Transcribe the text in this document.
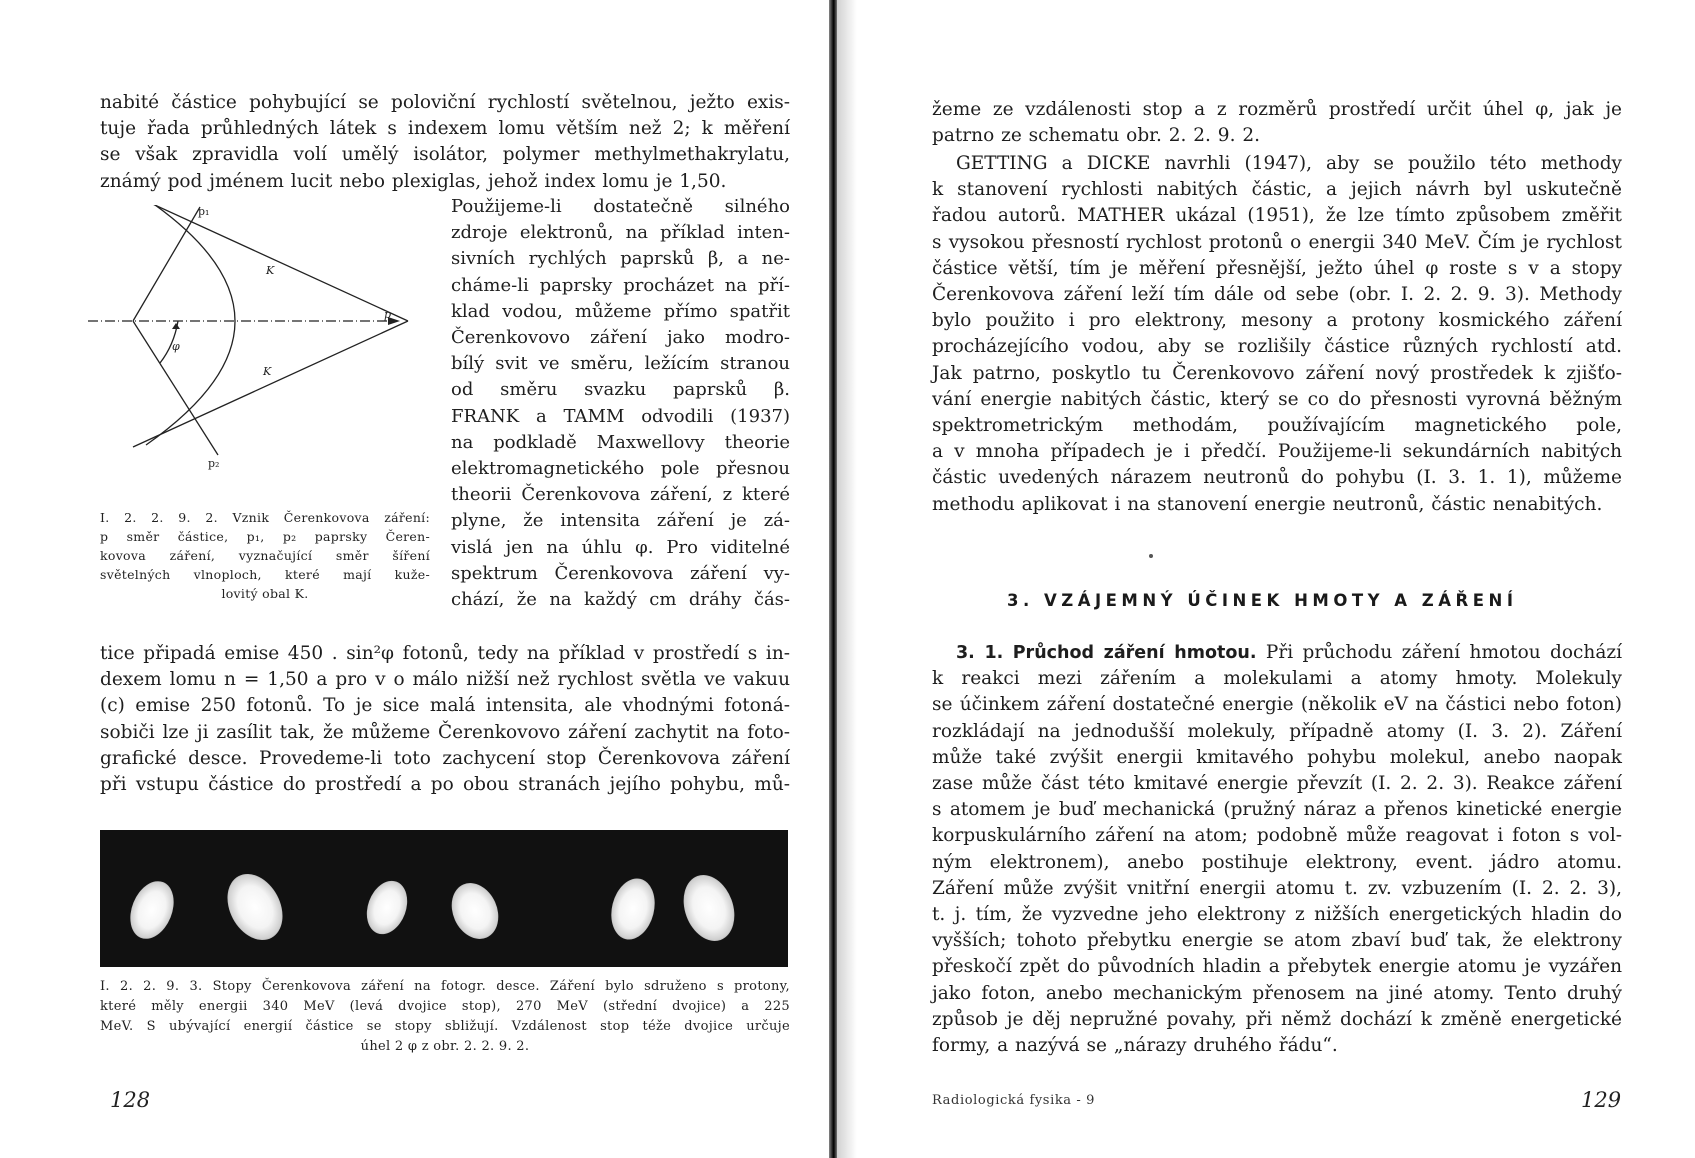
nabité částice pohybující se poloviční rychlostí světelnou, ježto exis-
tuje řada průhledných látek s indexem lomu větším než 2; k měření
se však zpravidla volí umělý isolátor, polymer methylmethakrylatu,
známý pod jménem lucit nebo plexiglas, jehož index lomu je 1,50.

p₁
K
p
φ
K
p₂

Použijeme-li dostatečně silného
zdroje elektronů, na příklad inten-
sivních rychlých paprsků β, a ne-
cháme-li paprsky procházet na pří-
klad vodou, můžeme přímo spatřit
Čerenkovovo záření jako modro-
bílý svit ve směru, ležícím stranou
od směru svazku paprsků β.
FRANK a TAMM odvodili (1937)
na podkladě Maxwellovy theorie
elektromagnetického pole přesnou
theorii Čerenkovova záření, z které
plyne, že intensita záření je zá-
vislá jen na úhlu φ. Pro viditelné
spektrum Čerenkovova záření vy-
chází, že na každý cm dráhy čás-

I. 2. 2. 9. 2. Vznik Čerenkovova záření:
p směr částice, p₁, p₂ paprsky Čeren-
kovova záření, vyznačující směr šíření
světelných vlnoploch, které mají kuže-
lovitý obal K.

tice připadá emise 450 . sin²φ fotonů, tedy na příklad v prostředí s in-
dexem lomu n = 1,50 a pro v o málo nižší než rychlost světla ve vakuu
(c) emise 250 fotonů. To je sice malá intensita, ale vhodnými fotoná-
sobiči lze ji zasílit tak, že můžeme Čerenkovovo záření zachytit na foto-
grafické desce. Provedeme-li toto zachycení stop Čerenkovova záření
při vstupu částice do prostředí a po obou stranách jejího pohybu, mů-

I. 2. 2. 9. 3. Stopy Čerenkovova záření na fotogr. desce. Záření bylo sdruženo s protony,
které měly energii 340 MeV (levá dvojice stop), 270 MeV (střední dvojice) a 225
MeV. S ubývající energií částice se stopy sbližují. Vzdálenost stop téže dvojice určuje
úhel 2 φ z obr. 2. 2. 9. 2.

128

žeme ze vzdálenosti stop a z rozměrů prostředí určit úhel φ, jak je
patrno ze schematu obr. 2. 2. 9. 2.

GETTING a DICKE navrhli (1947), aby se použilo této methody
k stanovení rychlosti nabitých částic, a jejich návrh byl uskutečně
řadou autorů. MATHER ukázal (1951), že lze tímto způsobem změřit
s vysokou přesností rychlost protonů o energii 340 MeV. Čím je rychlost
částice větší, tím je měření přesnější, ježto úhel φ roste s v a stopy
Čerenkovova záření leží tím dále od sebe (obr. I. 2. 2. 9. 3). Methody
bylo použito i pro elektrony, mesony a protony kosmického záření
procházejícího vodou, aby se rozlišily částice různých rychlostí atd.
Jak patrno, poskytlo tu Čerenkovovo záření nový prostředek k zjišťo-
vání energie nabitých částic, který se co do přesnosti vyrovná běžným
spektrometrickým methodám, používajícím magnetického pole,
a v mnoha případech je i předčí. Použijeme-li sekundárních nabitých
částic uvedených nárazem neutronů do pohybu (I. 3. 1. 1), můžeme
methodu aplikovat i na stanovení energie neutronů, částic nenabitých.

3. VZÁJEMNÝ ÚČINEK HMOTY A ZÁŘENÍ

3. 1. Průchod záření hmotou. Při průchodu záření hmotou dochází
k reakci mezi zářením a molekulami a atomy hmoty. Molekuly
se účinkem záření dostatečné energie (několik eV na částici nebo foton)
rozkládají na jednodušší molekuly, případně atomy (I. 3. 2). Záření
může také zvýšit energii kmitavého pohybu molekul, anebo naopak
zase může část této kmitavé energie převzít (I. 2. 2. 3). Reakce záření
s atomem je buď mechanická (pružný náraz a přenos kinetické energie
korpuskulárního záření na atom; podobně může reagovat i foton s vol-
ným elektronem), anebo postihuje elektrony, event. jádro atomu.
Záření může zvýšit vnitřní energii atomu t. zv. vzbuzením (I. 2. 2. 3),
t. j. tím, že vyzvedne jeho elektrony z nižších energetických hladin do
vyšších; tohoto přebytku energie se atom zbaví buď tak, že elektrony
přeskočí zpět do původních hladin a přebytek energie atomu je vyzářen
jako foton, anebo mechanickým přenosem na jiné atomy. Tento druhý
způsob je děj nepružné povahy, při němž dochází k změně energetické
formy, a nazývá se „nárazy druhého řádu“.

Radiologická fysika - 9	129
